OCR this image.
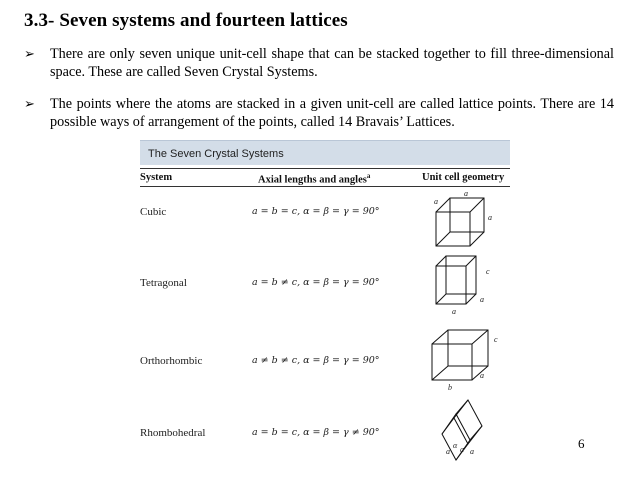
3.3- Seven systems and fourteen lattices
➢ There are only seven unique unit-cell shape that can be stacked together to fill three-dimensional space. These are called Seven Crystal Systems.
➢ The points where the atoms are stacked in a given unit-cell are called lattice points. There are 14 possible ways of arrangement of the points, called 14 Bravais’ Lattices.
The Seven Crystal Systems
System	Axial lengths and angles$^a$	Unit cell geometry
Cubic	a = b = c, α = β = γ = 90°
a
a
a
Tetragonal	a = b ≠ c, α = β = γ = 90°
c
a
a
Orthorhombic	a ≠ b ≠ c, α = β = γ = 90°
c
a
b
Rhombohedral	a = b = c, α = β = γ ≠ 90°
α
a a a
6
